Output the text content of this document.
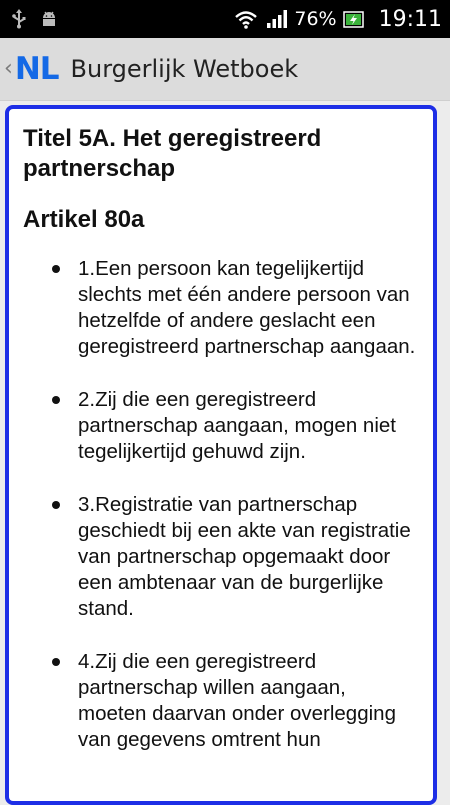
76% 19:11
‹ NL Burgerlijk Wetboek
Titel 5A. Het geregistreerd partnerschap
Artikel 80a
1.Een persoon kan tegelijkertijd slechts met één andere persoon van hetzelfde of andere geslacht een geregistreerd partnerschap aangaan.
2.Zij die een geregistreerd partnerschap aangaan, mogen niet tegelijkertijd gehuwd zijn.
3.Registratie van partnerschap geschiedt bij een akte van registratie van partnerschap opgemaakt door een ambtenaar van de burgerlijke stand.
4.Zij die een geregistreerd partnerschap willen aangaan, moeten daarvan onder overlegging van gegevens omtrent hun
